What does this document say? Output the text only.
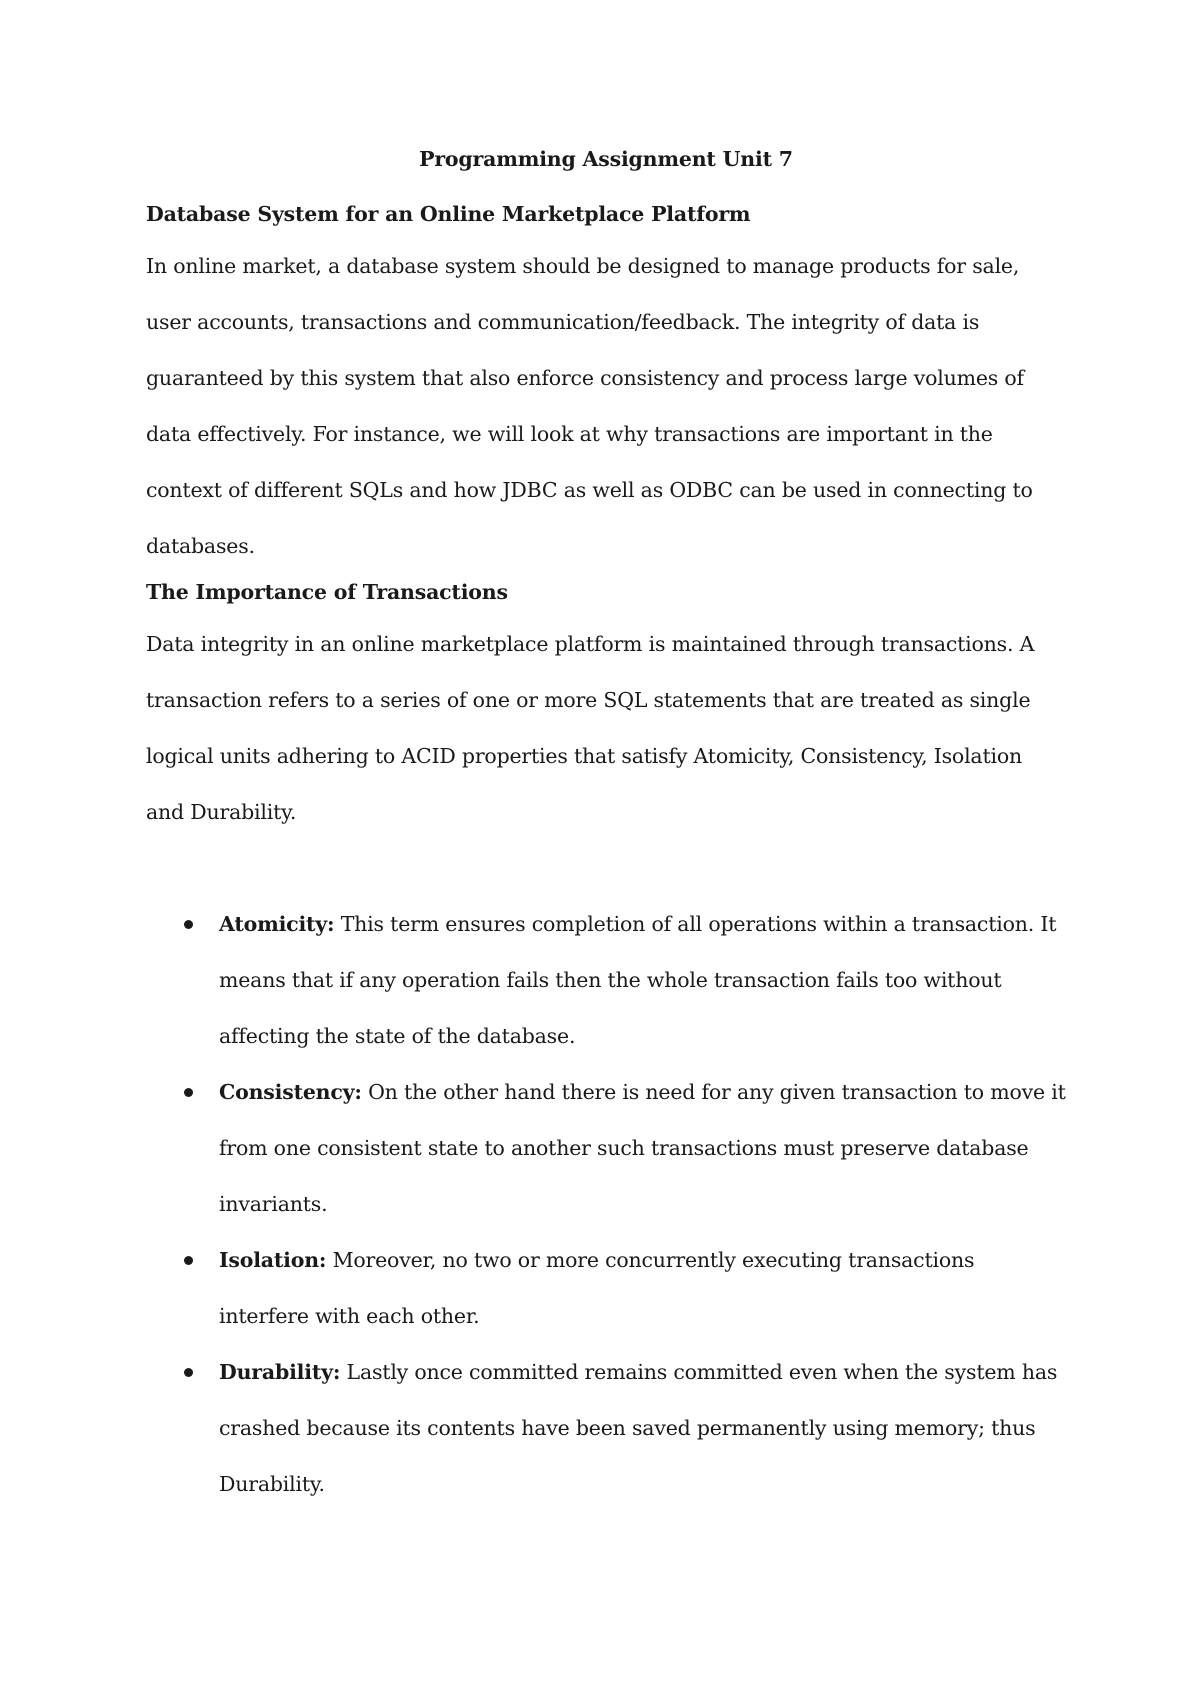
Programming Assignment Unit 7

Database System for an Online Marketplace Platform

In online market, a database system should be designed to manage products for sale, user accounts, transactions and communication/feedback. The integrity of data is guaranteed by this system that also enforce consistency and process large volumes of data effectively. For instance, we will look at why transactions are important in the context of different SQLs and how JDBC as well as ODBC can be used in connecting to databases.

The Importance of Transactions

Data integrity in an online marketplace platform is maintained through transactions. A transaction refers to a series of one or more SQL statements that are treated as single logical units adhering to ACID properties that satisfy Atomicity, Consistency, Isolation and Durability.

Atomicity: This term ensures completion of all operations within a transaction. It means that if any operation fails then the whole transaction fails too without affecting the state of the database.
Consistency: On the other hand there is need for any given transaction to move it from one consistent state to another such transactions must preserve database invariants.
Isolation: Moreover, no two or more concurrently executing transactions interfere with each other.
Durability: Lastly once committed remains committed even when the system has crashed because its contents have been saved permanently using memory; thus Durability.
